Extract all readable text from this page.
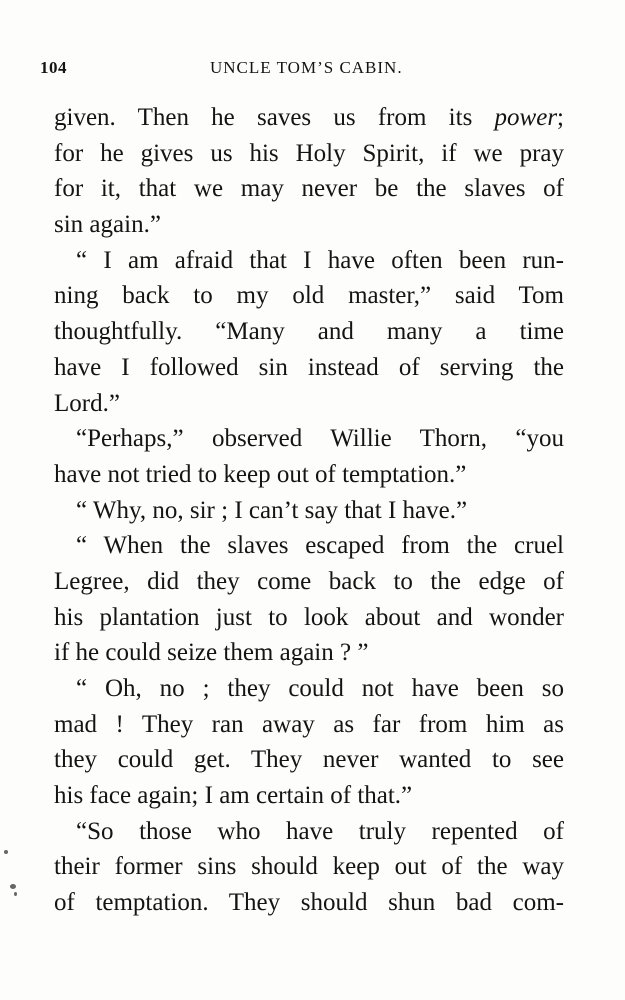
104	UNCLE TOM’S CABIN.
given. Then he saves us from its power;
for he gives us his Holy Spirit, if we pray
for it, that we may never be the slaves of
sin again.”
“ I am afraid that I have often been run-
ning back to my old master,” said Tom
thoughtfully. “Many and many a time
have I followed sin instead of serving the
Lord.”
“Perhaps,” observed Willie Thorn, “you
have not tried to keep out of temptation.”
“ Why, no, sir ; I can’t say that I have.”
“ When the slaves escaped from the cruel
Legree, did they come back to the edge of
his plantation just to look about and wonder
if he could seize them again ? ”
“ Oh, no ; they could not have been so
mad ! They ran away as far from him as
they could get. They never wanted to see
his face again; I am certain of that.”
“So those who have truly repented of
their former sins should keep out of the way
of temptation. They should shun bad com-
